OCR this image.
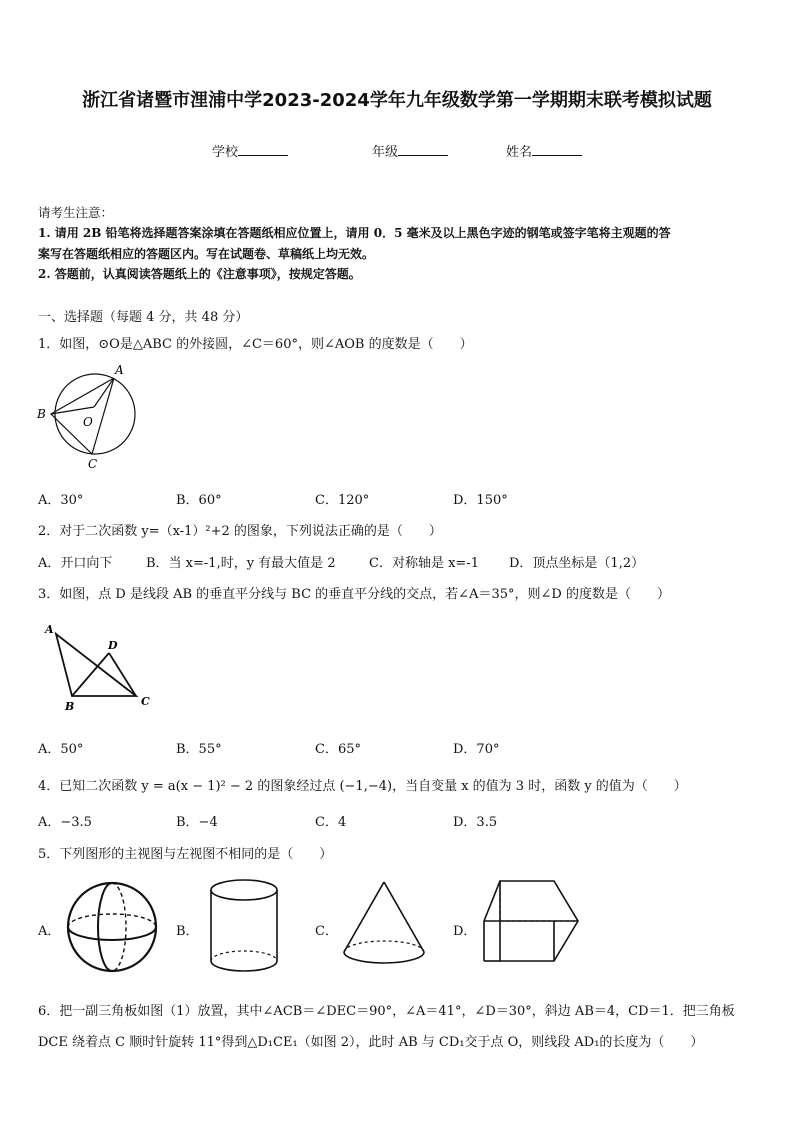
浙江省诸暨市浬浦中学2023-2024学年九年级数学第一学期期末联考模拟试题
学校	年级	姓名
请考生注意：
1. 请用 2B 铅笔将选择题答案涂填在答题纸相应位置上，请用 0．5 毫米及以上黑色字迹的钢笔或签字笔将主观题的答
案写在答题纸相应的答题区内。写在试题卷、草稿纸上均无效。
2. 答题前，认真阅读答题纸上的《注意事项》，按规定答题。
一、选择题（每题 4 分，共 48 分）
1．如图，⊙O是△ABC 的外接圆，∠C＝60°，则∠AOB 的度数是（　　）
A
B
C
O
A．30°	B．60°	C．120°	D．150°
2．对于二次函数 y=（x-1）²+2 的图象，下列说法正确的是（　　）
A．开口向下	B．当 x=-1,时，y 有最大值是 2	C．对称轴是 x=-1 D．顶点坐标是（1,2）
3．如图，点 D 是线段 AB 的垂直平分线与 BC 的垂直平分线的交点，若∠A＝35°，则∠D 的度数是（　　）
A
B	C
D
A．50°	B．55°	C．65°	D．70°
4．已知二次函数 y = a(x − 1)² − 2 的图象经过点 (−1,−4)，当自变量 x 的值为 3 时，函数 y 的值为（　　）
A．−3.5	B．−4	C．4	D．3.5
5．下列图形的主视图与左视图不相同的是（　　）
A．	B．	C．	D．
6．把一副三角板如图（1）放置，其中∠ACB＝∠DEC＝90°，∠A＝41°，∠D＝30°，斜边 AB＝4，CD＝1．把三角板
DCE 绕着点 C 顺时针旋转 11°得到△D₁CE₁（如图 2），此时 AB 与 CD₁交于点 O，则线段 AD₁的长度为（　　）
